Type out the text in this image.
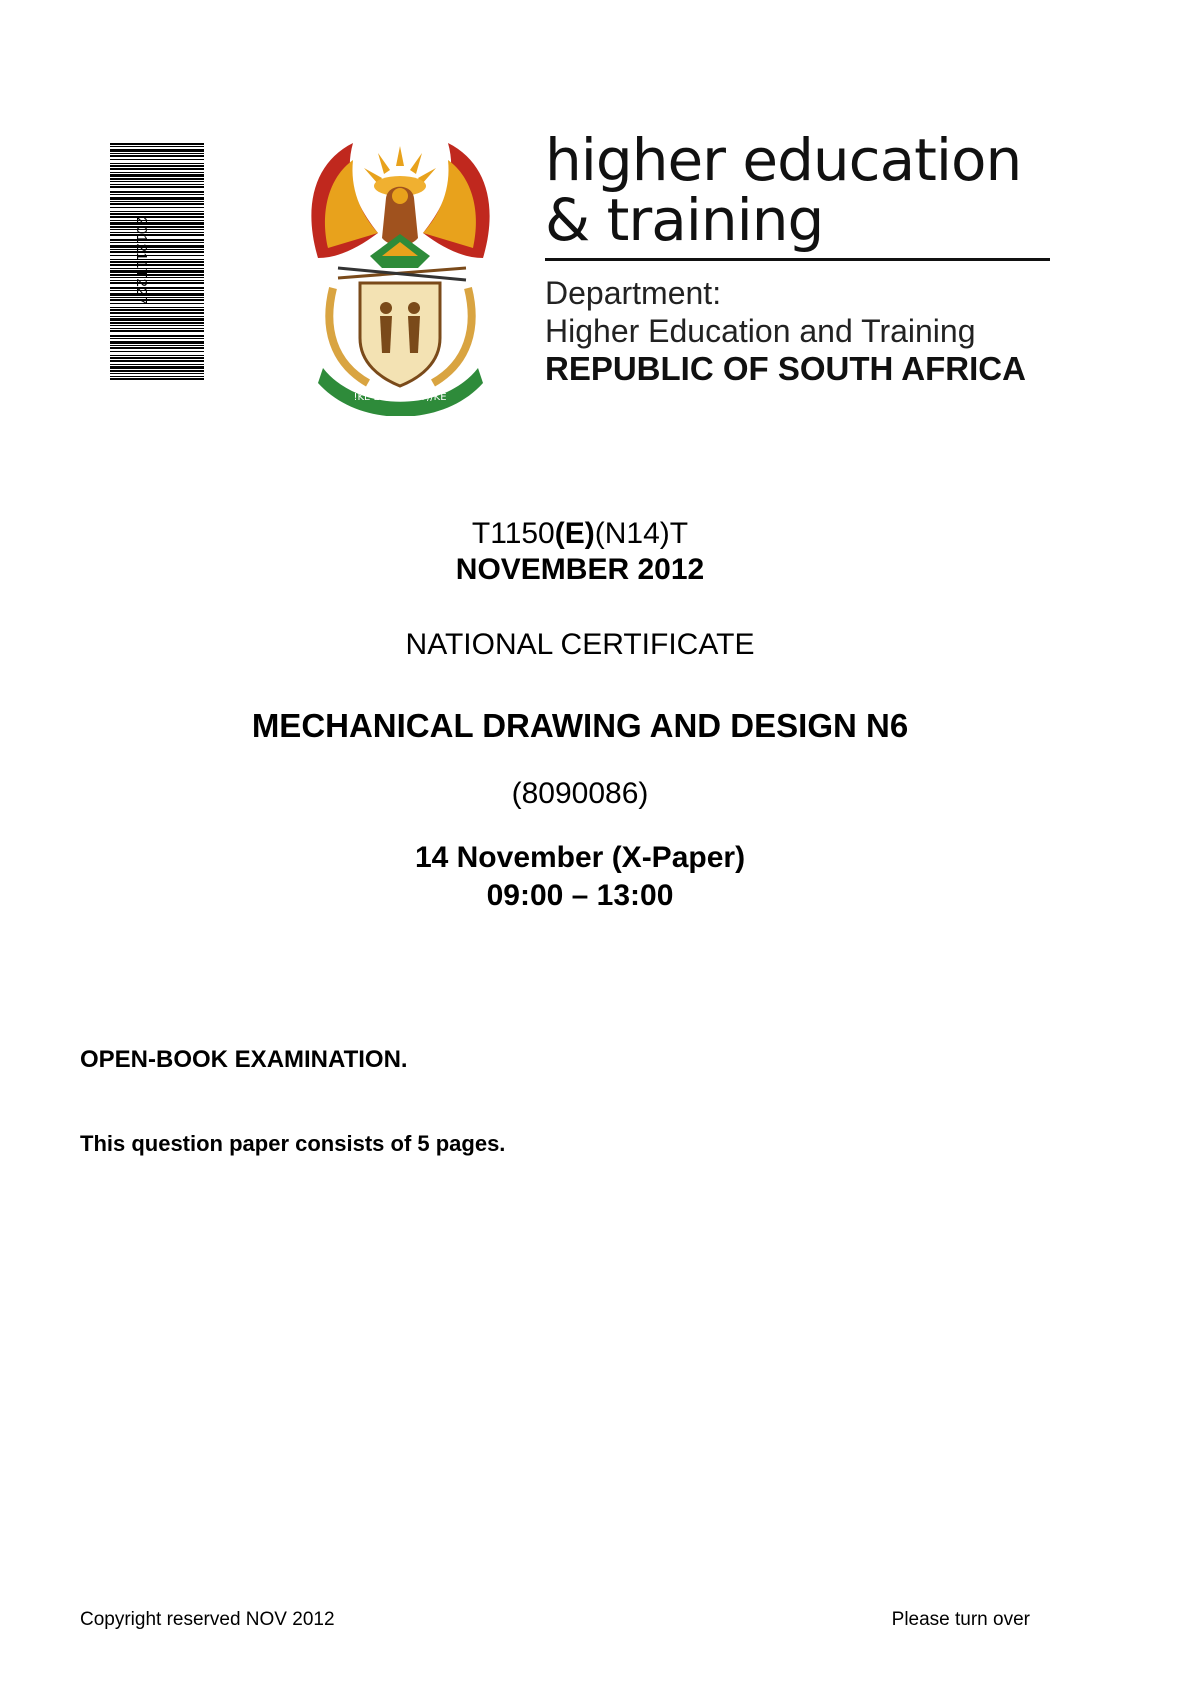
201211T227
!KE E: /XARRA //KE
higher education
& training
Department:
Higher Education and Training
REPUBLIC OF SOUTH AFRICA
T1150(E)(N14)T
NOVEMBER 2012
NATIONAL CERTIFICATE
MECHANICAL DRAWING AND DESIGN N6
(8090086)
14 November (X-Paper)
09:00 – 13:00
OPEN-BOOK EXAMINATION.
This question paper consists of 5 pages.
Copyright reserved NOV 2012	Please turn over
